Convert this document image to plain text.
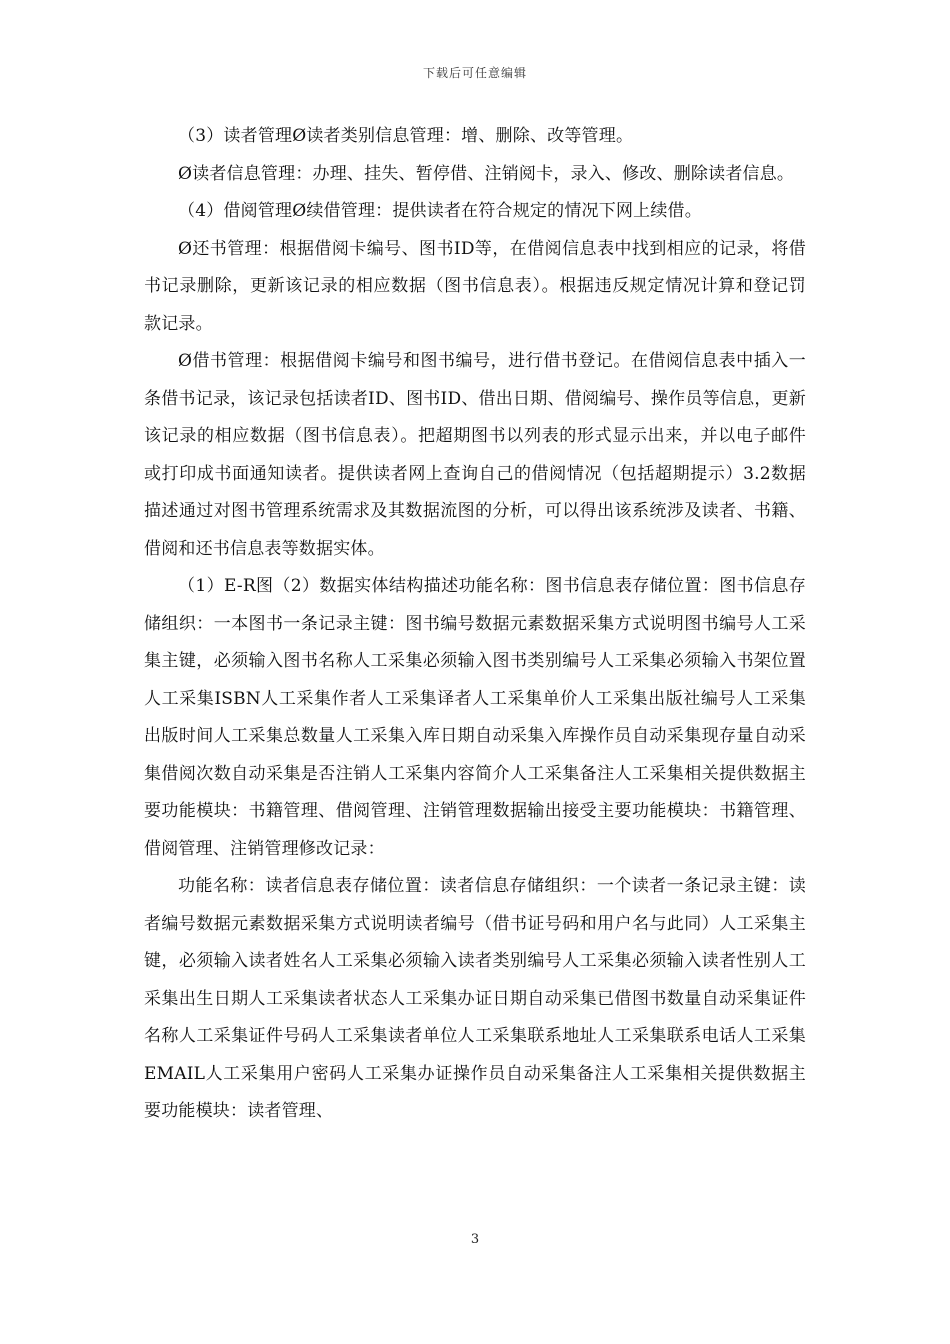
下载后可任意编辑

（3）读者管理Ø读者类别信息管理：增、删除、改等管理。

Ø读者信息管理：办理、挂失、暂停借、注销阅卡，录入、修改、删除读者信息。

（4）借阅管理Ø续借管理：提供读者在符合规定的情况下网上续借。

Ø还书管理：根据借阅卡编号、图书ID等，在借阅信息表中找到相应的记录，将借书记录删除，更新该记录的相应数据（图书信息表）。根据违反规定情况计算和登记罚款记录。

Ø借书管理：根据借阅卡编号和图书编号，进行借书登记。在借阅信息表中插入一条借书记录，该记录包括读者ID、图书ID、借出日期、借阅编号、操作员等信息，更新该记录的相应数据（图书信息表）。把超期图书以列表的形式显示出来，并以电子邮件或打印成书面通知读者。提供读者网上查询自己的借阅情况（包括超期提示）3.2数据描述通过对图书管理系统需求及其数据流图的分析，可以得出该系统涉及读者、书籍、借阅和还书信息表等数据实体。

（1）E-R图（2）数据实体结构描述功能名称：图书信息表存储位置：图书信息存储组织：一本图书一条记录主键：图书编号数据元素数据采集方式说明图书编号人工采集主键，必须输入图书名称人工采集必须输入图书类别编号人工采集必须输入书架位置人工采集ISBN人工采集作者人工采集译者人工采集单价人工采集出版社编号人工采集出版时间人工采集总数量人工采集入库日期自动采集入库操作员自动采集现存量自动采集借阅次数自动采集是否注销人工采集内容简介人工采集备注人工采集相关提供数据主要功能模块：书籍管理、借阅管理、注销管理数据输出接受主要功能模块：书籍管理、借阅管理、注销管理修改记录：

功能名称：读者信息表存储位置：读者信息存储组织：一个读者一条记录主键：读者编号数据元素数据采集方式说明读者编号（借书证号码和用户名与此同）人工采集主键，必须输入读者姓名人工采集必须输入读者类别编号人工采集必须输入读者性别人工采集出生日期人工采集读者状态人工采集办证日期自动采集已借图书数量自动采集证件名称人工采集证件号码人工采集读者单位人工采集联系地址人工采集联系电话人工采集EMAIL人工采集用户密码人工采集办证操作员自动采集备注人工采集相关提供数据主要功能模块：读者管理、

3
